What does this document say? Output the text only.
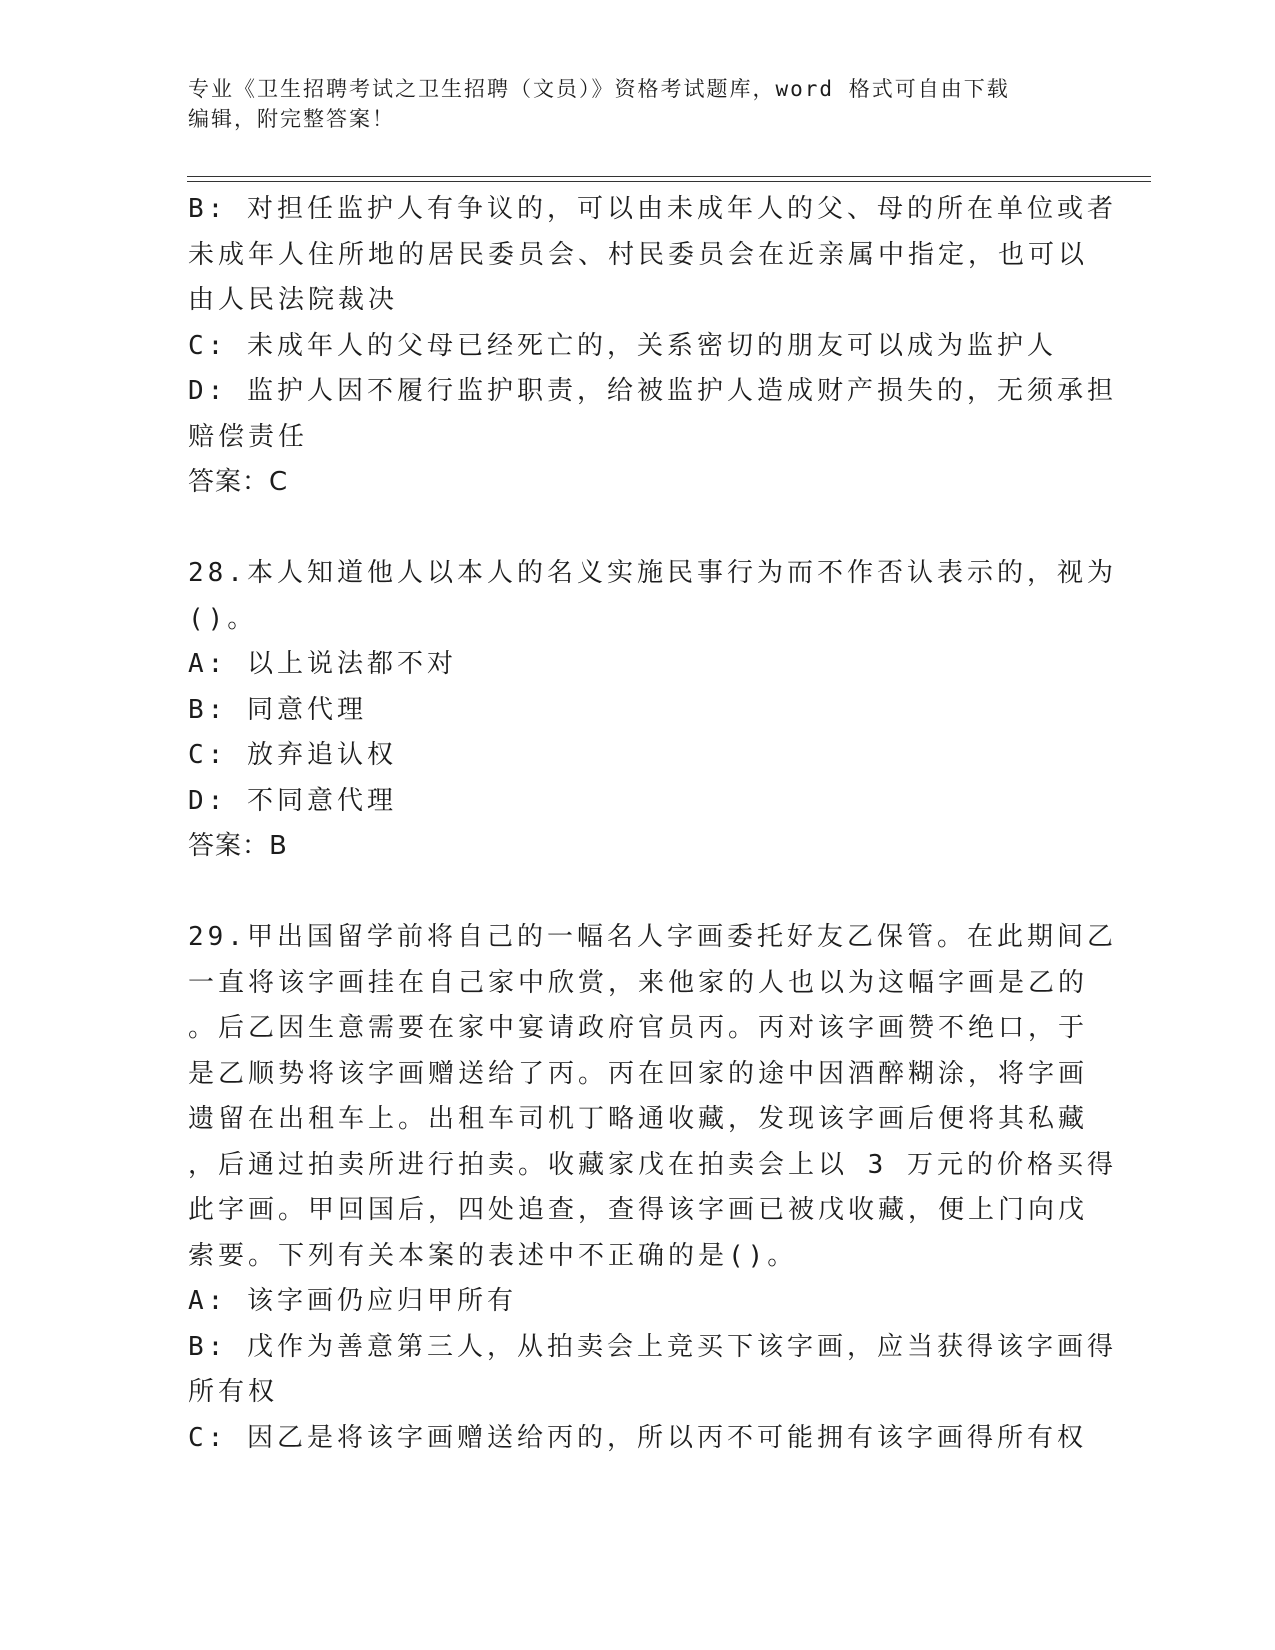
专业《卫生招聘考试之卫生招聘（文员）》资格考试题库，word 格式可自由下载
编辑，附完整答案！
B: 对担任监护人有争议的，可以由未成年人的父、母的所在单位或者
未成年人住所地的居民委员会、村民委员会在近亲属中指定，也可以
由人民法院裁决
C: 未成年人的父母已经死亡的，关系密切的朋友可以成为监护人
D: 监护人因不履行监护职责，给被监护人造成财产损失的，无须承担
赔偿责任
答案：C
28.本人知道他人以本人的名义实施民事行为而不作否认表示的，视为
()。
A: 以上说法都不对
B: 同意代理
C: 放弃追认权
D: 不同意代理
答案：B
29.甲出国留学前将自己的一幅名人字画委托好友乙保管。在此期间乙
一直将该字画挂在自己家中欣赏，来他家的人也以为这幅字画是乙的
。后乙因生意需要在家中宴请政府官员丙。丙对该字画赞不绝口，于
是乙顺势将该字画赠送给了丙。丙在回家的途中因酒醉糊涂，将字画
遗留在出租车上。出租车司机丁略通收藏，发现该字画后便将其私藏
，后通过拍卖所进行拍卖。收藏家戊在拍卖会上以 3 万元的价格买得
此字画。甲回国后，四处追查，查得该字画已被戊收藏，便上门向戊
索要。下列有关本案的表述中不正确的是()。
A: 该字画仍应归甲所有
B: 戊作为善意第三人，从拍卖会上竞买下该字画，应当获得该字画得
所有权
C: 因乙是将该字画赠送给丙的，所以丙不可能拥有该字画得所有权
